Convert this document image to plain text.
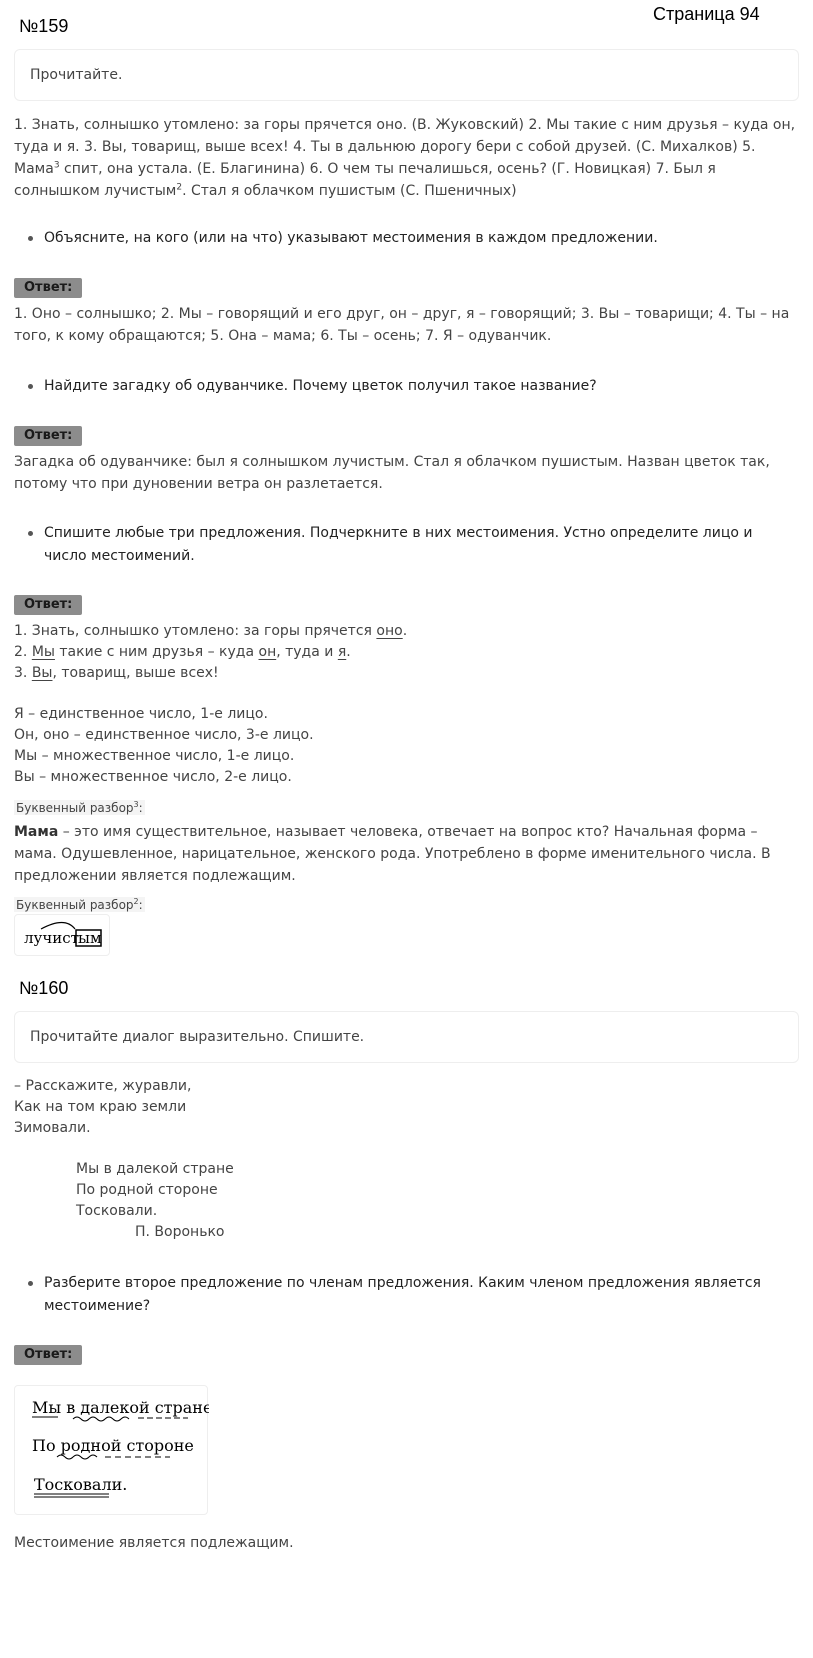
Страница 94
№159
Прочитайте.
1. Знать, солнышко утомлено: за горы прячется оно. (В. Жуковский) 2. Мы такие с ним друзья – куда он,
туда и я. 3. Вы, товарищ, выше всех! 4. Ты в дальнюю дорогу бери с собой друзей. (С. Михалков) 5.
Мама$^3$ спит, она устала. (Е. Благинина) 6. О чем ты печалишься, осень? (Г. Новицкая) 7. Был я
солнышком лучистым$^2$. Стал я облачком пушистым (С. Пшеничных)
Объясните, на кого (или на что) указывают местоимения в каждом предложении.
Ответ:
1. Оно – солнышко; 2. Мы – говорящий и его друг, он – друг, я – говорящий; 3. Вы – товарищи; 4. Ты – на
того, к кому обращаются; 5. Она – мама; 6. Ты – осень; 7. Я – одуванчик.
Найдите загадку об одуванчике. Почему цветок получил такое название?
Ответ:
Загадка об одуванчике: был я солнышком лучистым. Стал я облачком пушистым. Назван цветок так,
потому что при дуновении ветра он разлетается.
Спишите любые три предложения. Подчеркните в них местоимения. Устно определите лицо и
число местоимений.
Ответ:
1. Знать, солнышко утомлено: за горы прячется оно.
2. Мы такие с ним друзья – куда он, туда и я.
3. Вы, товарищ, выше всех!
Я – единственное число, 1-е лицо.
Он, оно – единственное число, 3-е лицо.
Мы – множественное число, 1-е лицо.
Вы – множественное число, 2-е лицо.
Буквенный разбор$^3$:
Мама – это имя существительное, называет человека, отвечает на вопрос кто? Начальная форма –
мама. Одушевленное, нарицательное, женского рода. Употреблено в форме именительного числа. В
предложении является подлежащим.
Буквенный разбор$^2$:
лучист ым
№160
Прочитайте диалог выразительно. Спишите.
– Расскажите, журавли,
Как на том краю земли
Зимовали.
Мы в далекой стране
По родной стороне
Тосковали.
П. Воронько
Разберите второе предложение по членам предложения. Каким членом предложения является
местоимение?
Ответ:
Мы в далекой стране
По родной стороне
Тосковали.
Местоимение является подлежащим.
